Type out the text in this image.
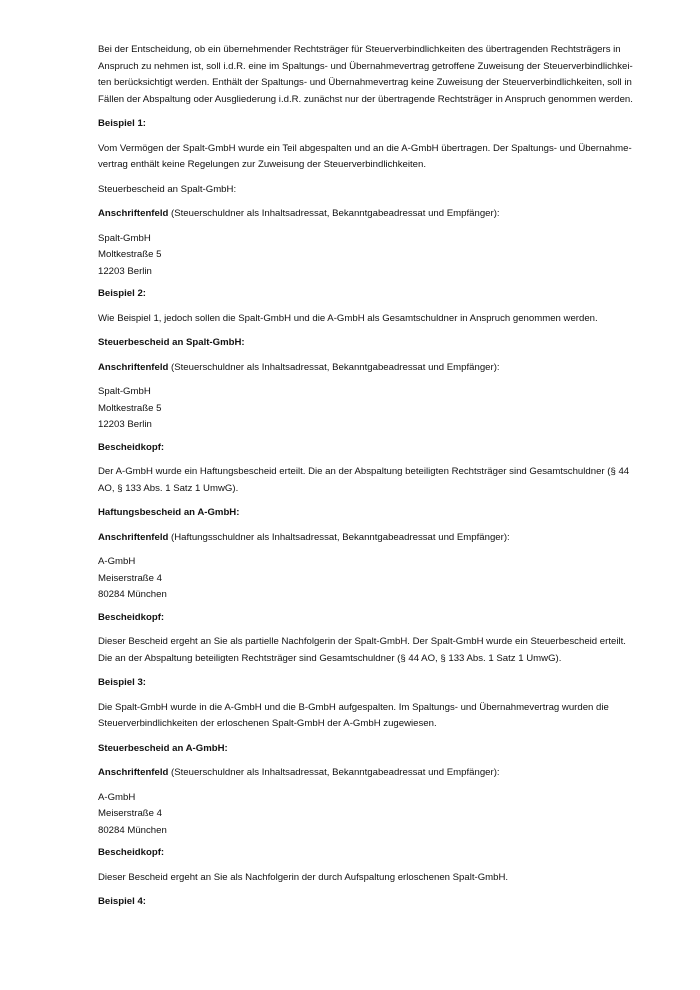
Bei der Entscheidung, ob ein übernehmender Rechtsträger für Steuerverbindlichkeiten des übertragenden Rechtsträgers in
Anspruch zu nehmen ist, soll i.d.R. eine im Spaltungs- und Übernahmevertrag getroffene Zuweisung der Steuerverbindlichkei-
ten berücksichtigt werden. Enthält der Spaltungs- und Übernahmevertrag keine Zuweisung der Steuerverbindlichkeiten, soll in
Fällen der Abspaltung oder Ausgliederung i.d.R. zunächst nur der übertragende Rechtsträger in Anspruch genommen werden.

Beispiel 1:

Vom Vermögen der Spalt-GmbH wurde ein Teil abgespalten und an die A-GmbH übertragen. Der Spaltungs- und Übernahme-
vertrag enthält keine Regelungen zur Zuweisung der Steuerverbindlichkeiten.

Steuerbescheid an Spalt-GmbH:

Anschriftenfeld (Steuerschuldner als Inhaltsadressat, Bekanntgabeadressat und Empfänger):

Spalt-GmbH
Moltkestraße 5
12203 Berlin

Beispiel 2:

Wie Beispiel 1, jedoch sollen die Spalt-GmbH und die A-GmbH als Gesamtschuldner in Anspruch genommen werden.

Steuerbescheid an Spalt-GmbH:

Anschriftenfeld (Steuerschuldner als Inhaltsadressat, Bekanntgabeadressat und Empfänger):

Spalt-GmbH
Moltkestraße 5
12203 Berlin

Bescheidkopf:

Der A-GmbH wurde ein Haftungsbescheid erteilt. Die an der Abspaltung beteiligten Rechtsträger sind Gesamtschuldner (§ 44
AO, § 133 Abs. 1 Satz 1 UmwG).

Haftungsbescheid an A-GmbH:

Anschriftenfeld (Haftungsschuldner als Inhaltsadressat, Bekanntgabeadressat und Empfänger):

A-GmbH
Meiserstraße 4
80284 München

Bescheidkopf:

Dieser Bescheid ergeht an Sie als partielle Nachfolgerin der Spalt-GmbH. Der Spalt-GmbH wurde ein Steuerbescheid erteilt.
Die an der Abspaltung beteiligten Rechtsträger sind Gesamtschuldner (§ 44 AO, § 133 Abs. 1 Satz 1 UmwG).

Beispiel 3:

Die Spalt-GmbH wurde in die A-GmbH und die B-GmbH aufgespalten. Im Spaltungs- und Übernahmevertrag wurden die
Steuerverbindlichkeiten der erloschenen Spalt-GmbH der A-GmbH zugewiesen.

Steuerbescheid an A-GmbH:

Anschriftenfeld (Steuerschuldner als Inhaltsadressat, Bekanntgabeadressat und Empfänger):

A-GmbH
Meiserstraße 4
80284 München

Bescheidkopf:

Dieser Bescheid ergeht an Sie als Nachfolgerin der durch Aufspaltung erloschenen Spalt-GmbH.

Beispiel 4:
